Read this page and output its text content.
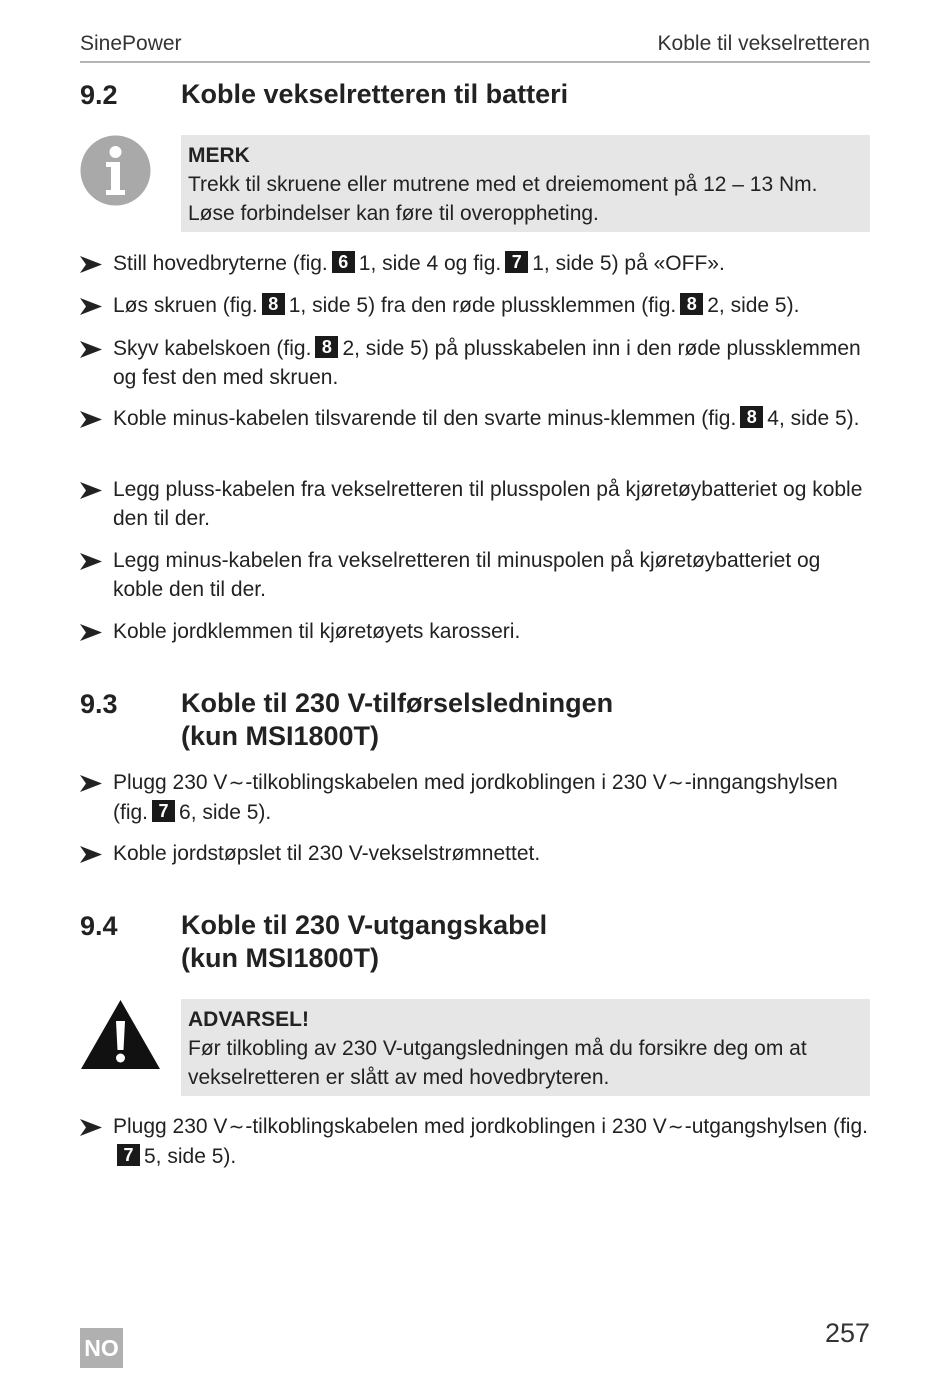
SinePower	Koble til vekselretteren
9.2 Koble vekselretteren til batteri
MERK
Trekk til skruene eller mutrene med et dreiemoment på 12 – 13 Nm. Løse forbindelser kan føre til overoppheting.
Still hovedbryterne (fig. 6 1, side 4 og fig. 7 1, side 5) på «OFF».
Løs skruen (fig. 8 1, side 5) fra den røde plussklemmen (fig. 8 2, side 5).
Skyv kabelskoen (fig. 8 2, side 5) på plusskabelen inn i den røde plussklemmen og fest den med skruen.
Koble minus-kabelen tilsvarende til den svarte minus-klemmen (fig. 8 4, side 5).
Legg pluss-kabelen fra vekselretteren til plusspolen på kjøretøybatteriet og koble den til der.
Legg minus-kabelen fra vekselretteren til minuspolen på kjøretøybatteriet og koble den til der.
Koble jordklemmen til kjøretøyets karosseri.
9.3 Koble til 230 V-tilførselsledningen
(kun MSI1800T)
Plugg 230 V∼-tilkoblingskabelen med jordkoblingen i 230 V∼-inngangshylsen (fig. 7 6, side 5).
Koble jordstøpslet til 230 V-vekselstrømnettet.
9.4 Koble til 230 V-utgangskabel
(kun MSI1800T)
ADVARSEL!
Før tilkobling av 230 V-utgangsledningen må du forsikre deg om at vekselretteren er slått av med hovedbryteren.
Plugg 230 V∼-tilkoblingskabelen med jordkoblingen i 230 V∼-utgangshylsen (fig.7 5, side 5).
257
NO
